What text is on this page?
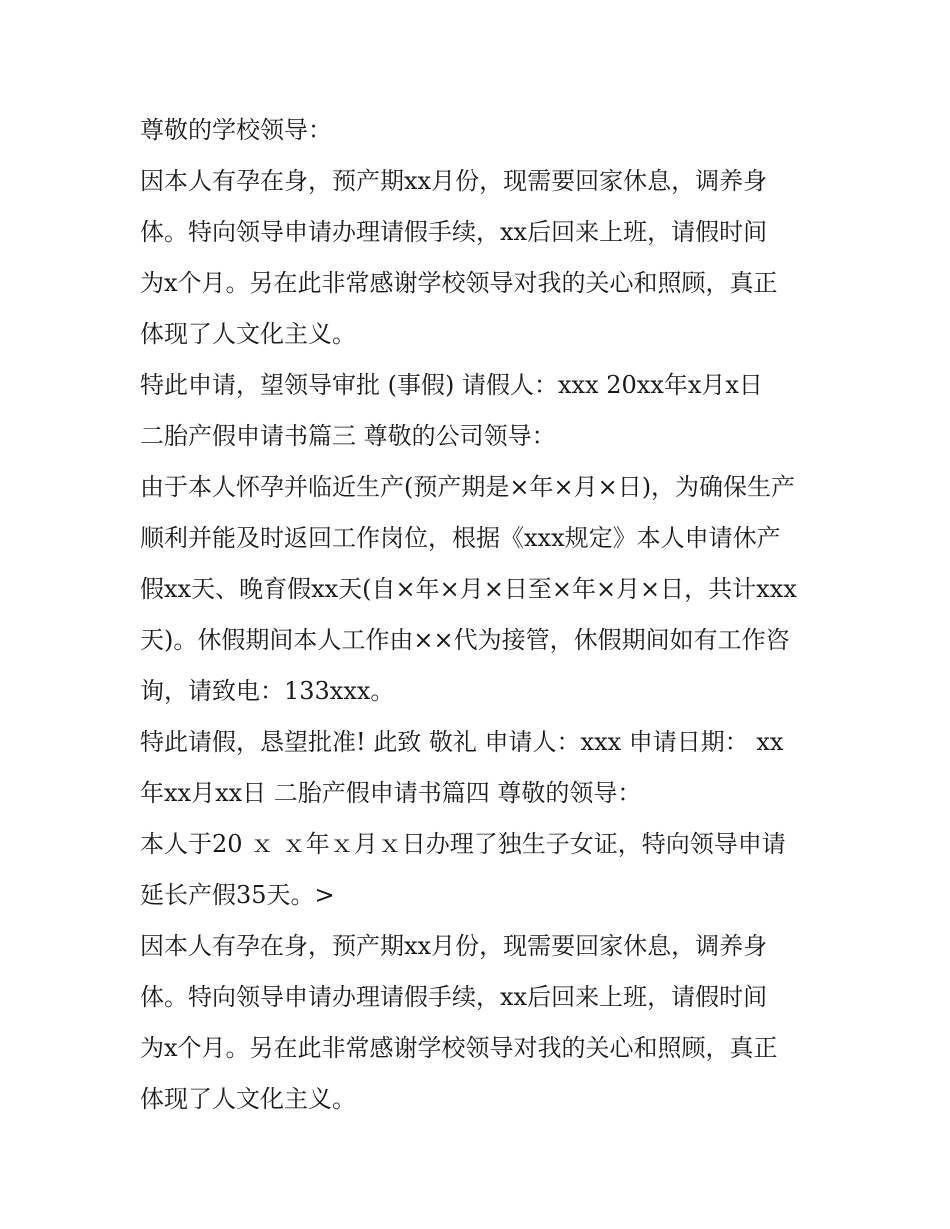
尊敬的学校领导：
因本人有孕在身，预产期xx月份，现需要回家休息，调养身
体。特向领导申请办理请假手续，xx后回来上班，请假时间
为x个月。另在此非常感谢学校领导对我的关心和照顾，真正
体现了人文化主义。
特此申请，望领导审批 (事假) 请假人：xxx 20xx年x月x日
二胎产假申请书篇三 尊敬的公司领导：
由于本人怀孕并临近生产(预产期是×年×月×日)，为确保生产
顺利并能及时返回工作岗位，根据《xxx规定》本人申请休产
假xx天、晚育假xx天(自×年×月×日至×年×月×日，共计xxx
天)。休假期间本人工作由××代为接管，休假期间如有工作咨
询，请致电：133xxx。
特此请假，恳望批准! 此致 敬礼 申请人：xxx 申请日期： xx
年xx月xx日 二胎产假申请书篇四 尊敬的领导：
本人于20 ｘ ｘ年ｘ月ｘ日办理了独生子女证，特向领导申请
延长产假35天。>
因本人有孕在身，预产期xx月份，现需要回家休息，调养身
体。特向领导申请办理请假手续，xx后回来上班，请假时间
为x个月。另在此非常感谢学校领导对我的关心和照顾，真正
体现了人文化主义。
